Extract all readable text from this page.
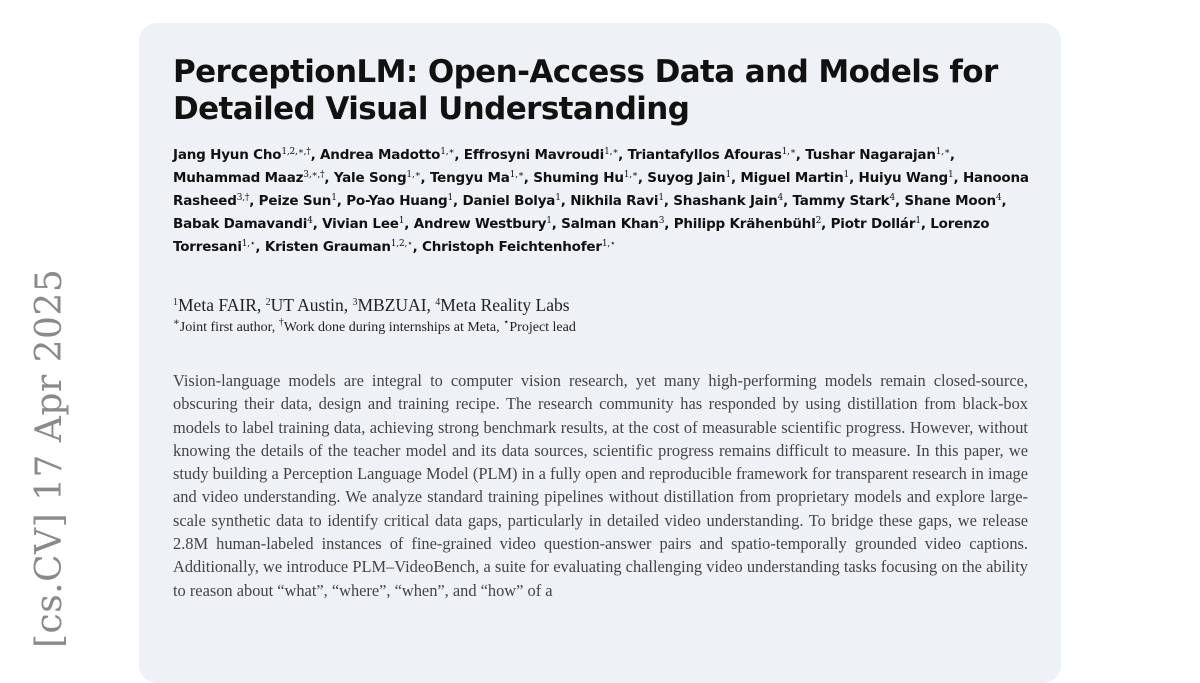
[cs.CV] 17 Apr 2025
PerceptionLM: Open-Access Data and Models for Detailed Visual Understanding
Jang Hyun Cho$^{1,2,∗,\dagger}$, Andrea Madotto$^{1,∗}$, Effrosyni Mavroudi$^{1,∗}$, Triantafyllos Afouras$^{1,∗}$, Tushar Nagarajan$^{1,∗}$, Muhammad Maaz$^{3,∗,\dagger}$, Yale Song$^{1,∗}$, Tengyu $Ma^{1,∗}$, Shuming $Hu^{1,∗}$, Suyog Jain$^1$, Miguel Martin$^1$, Huiyu Wang$^1$, Hanoona Rasheed$^{3,\dagger}$, Peize Sun$^1$, Po-Yao Huang$^1$, Daniel Bolya$^1$, Nikhila Ravi$^1$, Shashank Jain$^4$, Tammy Stark$^4$, Shane Moon$^4$, Babak Damavandi$^4$, Vivian Lee$^1$, Andrew Westbury$^1$, Salman Khan$^3$, Philipp Krähenbühl$^2$, Piotr Dollár$^1$, Lorenzo Torresani$^{1,⋆}$, Kristen Grauman$^{1,2,⋆}$, Christoph Feichtenhofer$^{1,⋆}$
$^1$Meta FAIR, $^2$UT Austin, $^3$MBZUAI, $^4$Meta Reality Labs
∗Joint first author, †Work done during internships at Meta, ⋆Project lead

Vision-language models are integral to computer vision research, yet many high-performing models remain closed-source, obscuring their data, design and training recipe. The research community has responded by using distillation from black-box models to label training data, achieving strong benchmark results, at the cost of measurable scientific progress. However, without knowing the details of the teacher model and its data sources, scientific progress remains difficult to measure. In this paper, we study building a Perception Language Model (PLM) in a fully open and reproducible framework for transparent research in image and video understanding. We analyze standard training pipelines without distillation from proprietary models and explore large-scale synthetic data to identify critical data gaps, particularly in detailed video understanding. To bridge these gaps, we release 2.8M human-labeled instances of fine-grained video question-answer pairs and spatio-temporally grounded video captions. Additionally, we introduce PLM–VideoBench, a suite for evaluating challenging video understanding tasks focusing on the ability to reason about “what”, “where”, “when”, and “how” of a
